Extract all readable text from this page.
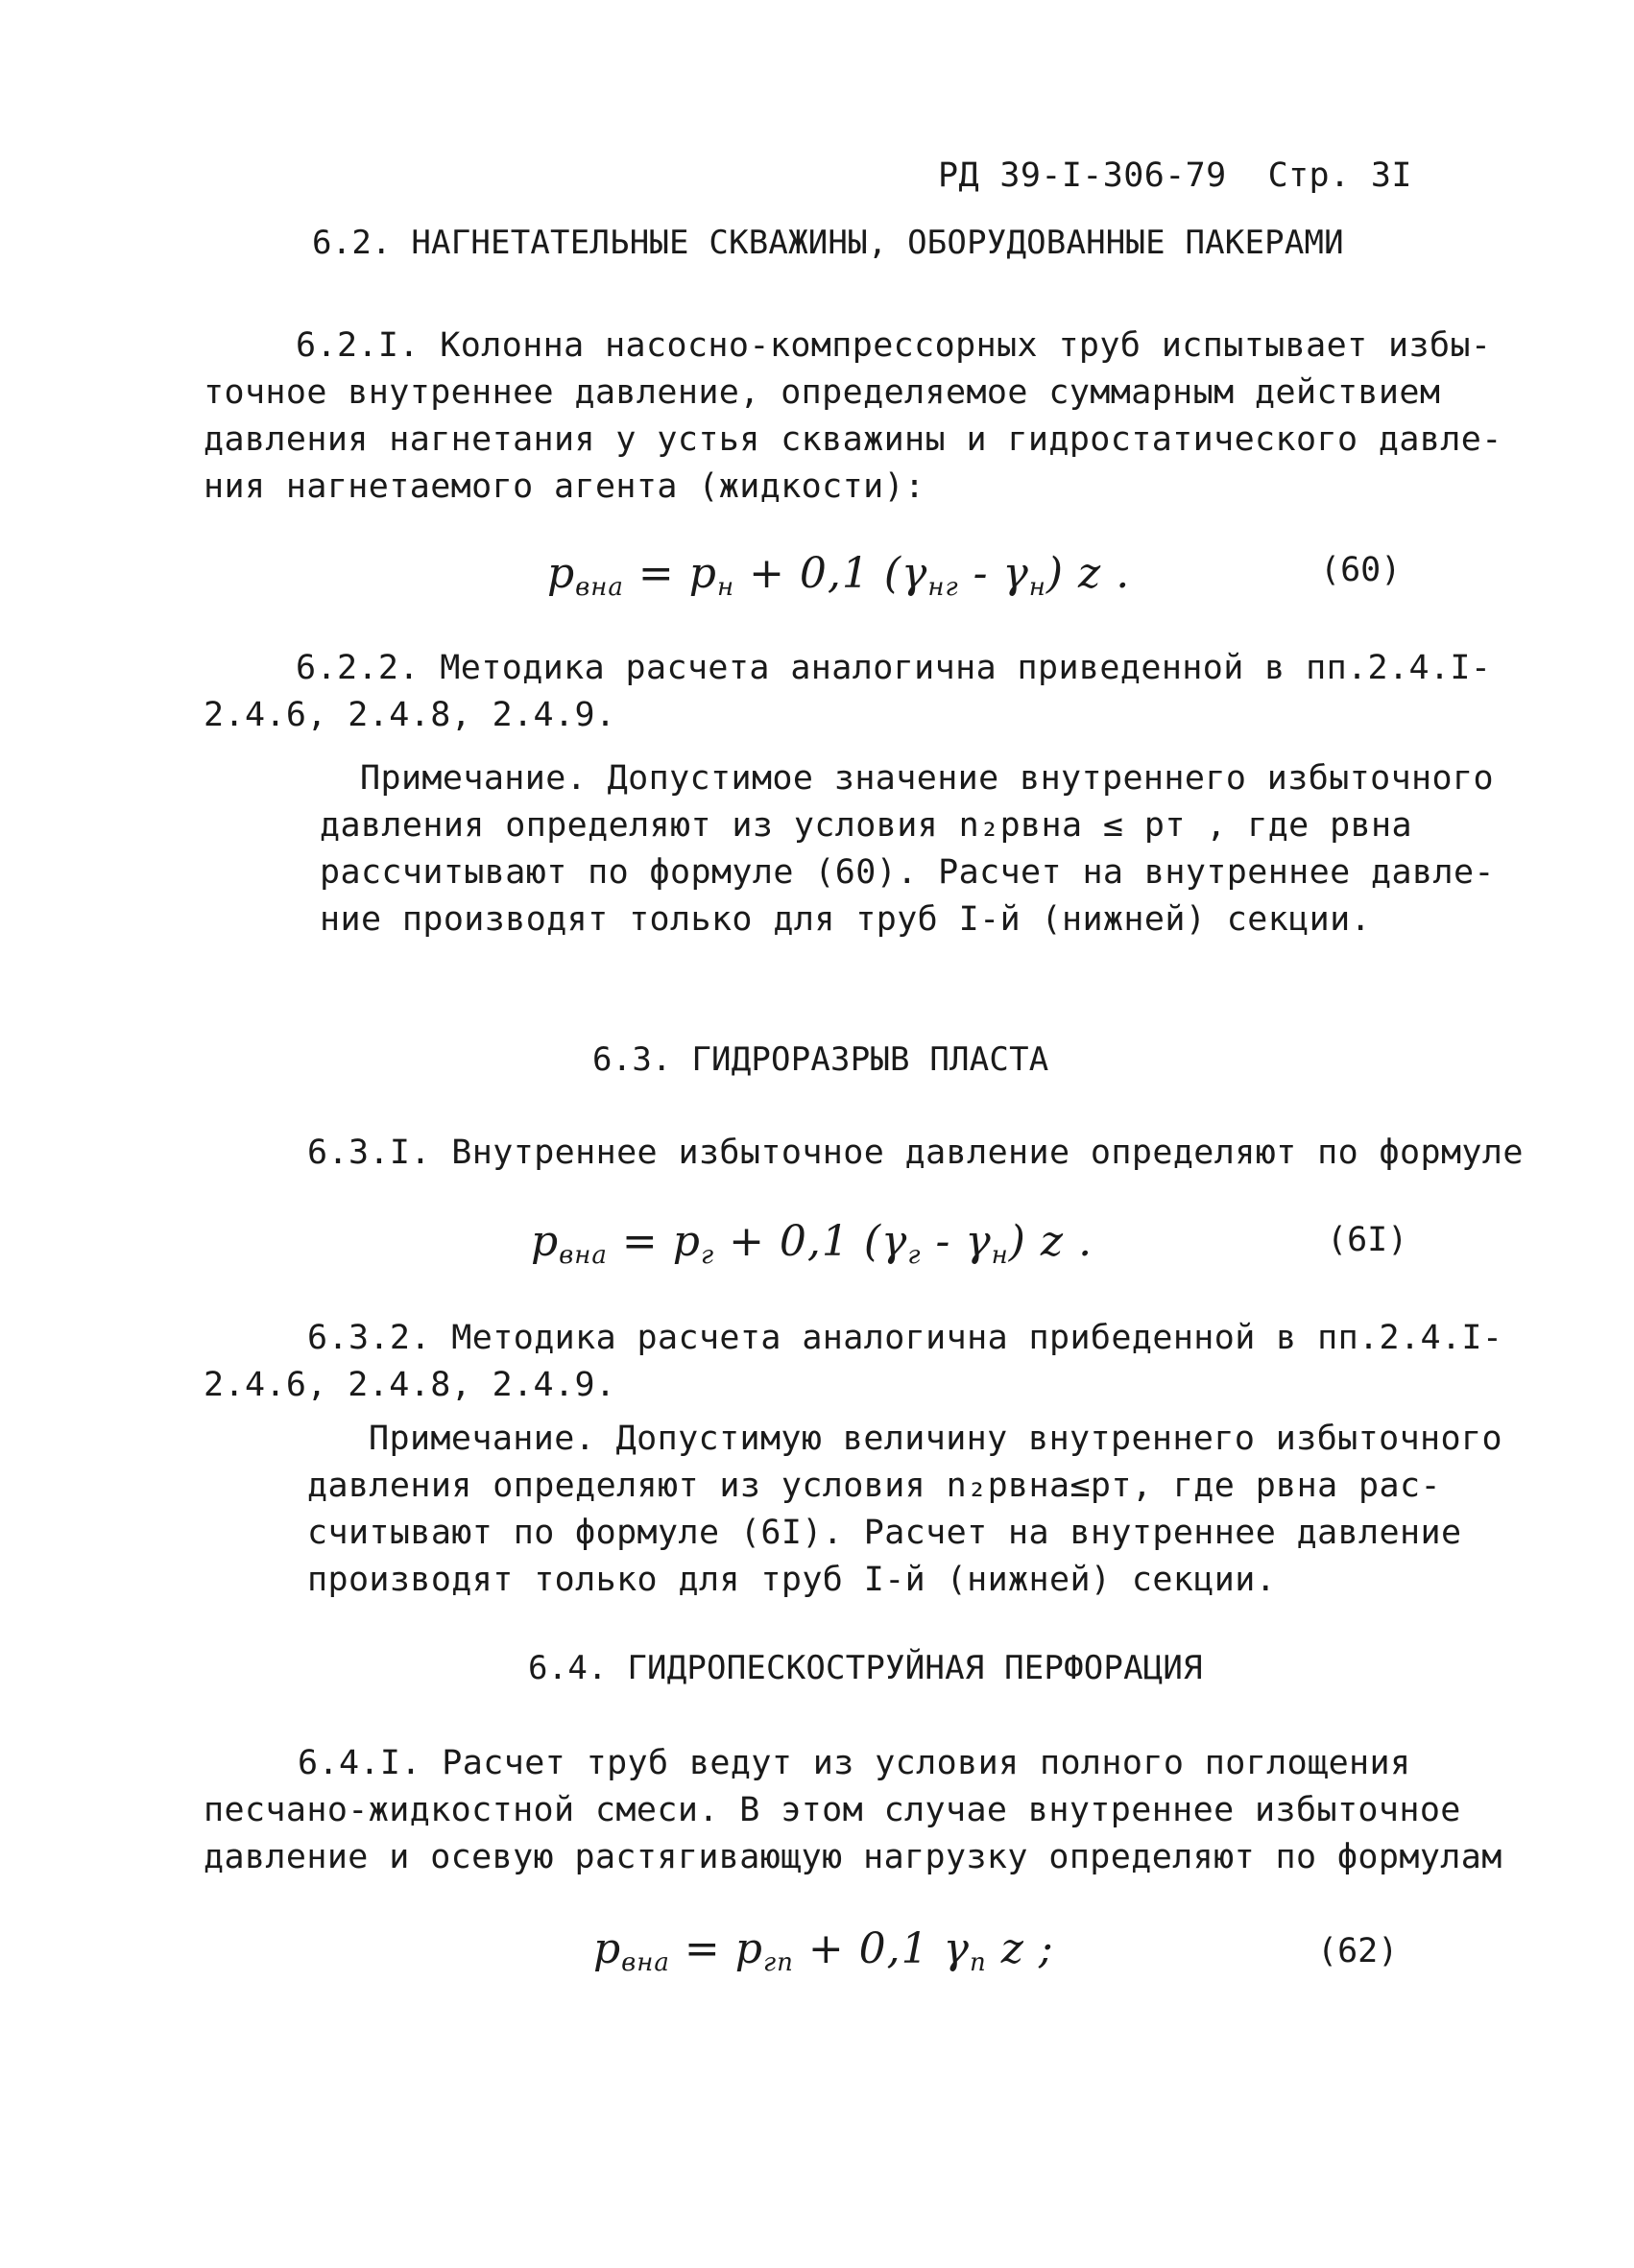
РД 39-I-306-79 Стр. 3I
6.2. НАГНЕТАТЕЛЬНЫЕ СКВАЖИНЫ, ОБОРУДОВАННЫЕ ПАКЕРАМИ
6.2.I. Колонна насосно-компрессорных труб испытывает избы-
точное внутреннее давление, определяемое суммарным действием
давления нагнетания у устья скважины и гидростатического давле-
ния нагнетаемого агента (жидкости):
$p_{вна} = p_н + 0,1$ $(\gamma_{нг} - \gamma_н)$ z .	(60)
6.2.2. Методика расчета аналогична приведенной в пп.2.4.I-
2.4.6, 2.4.8, 2.4.9.
Примечание. Допустимое значение внутреннего избыточного
давления определяют из условия n₂pвна ≤ pт , где pвна
рассчитывают по формуле (60). Расчет на внутреннее давле-
ние производят только для труб I-й (нижней) секции.
6.3. ГИДРОРАЗРЫВ ПЛАСТА
6.3.I. Внутреннее избыточное давление определяют по формуле
$p_{вна} = p_г + 0,1$ $(\gamma_г - \gamma_н)$ z .	(6I)
6.3.2. Методика расчета аналогична прибеденной в пп.2.4.I-
2.4.6, 2.4.8, 2.4.9.
Примечание. Допустимую величину внутреннего избыточного
давления определяют из условия n₂pвна≤pт, где pвна рас-
считывают по формуле (6I). Расчет на внутреннее давление
производят только для труб I-й (нижней) секции.
6.4. ГИДРОПЕСКОСТРУЙНАЯ ПЕРФОРАЦИЯ
6.4.I. Расчет труб ведут из условия полного поглощения
песчано-жидкостной смеси. В этом случае внутреннее избыточное
давление и осевую растягивающую нагрузку определяют по формулам
$p_{вна} = p_{гп} + 0,1$ $\gamma_п$ z ;	(62)
